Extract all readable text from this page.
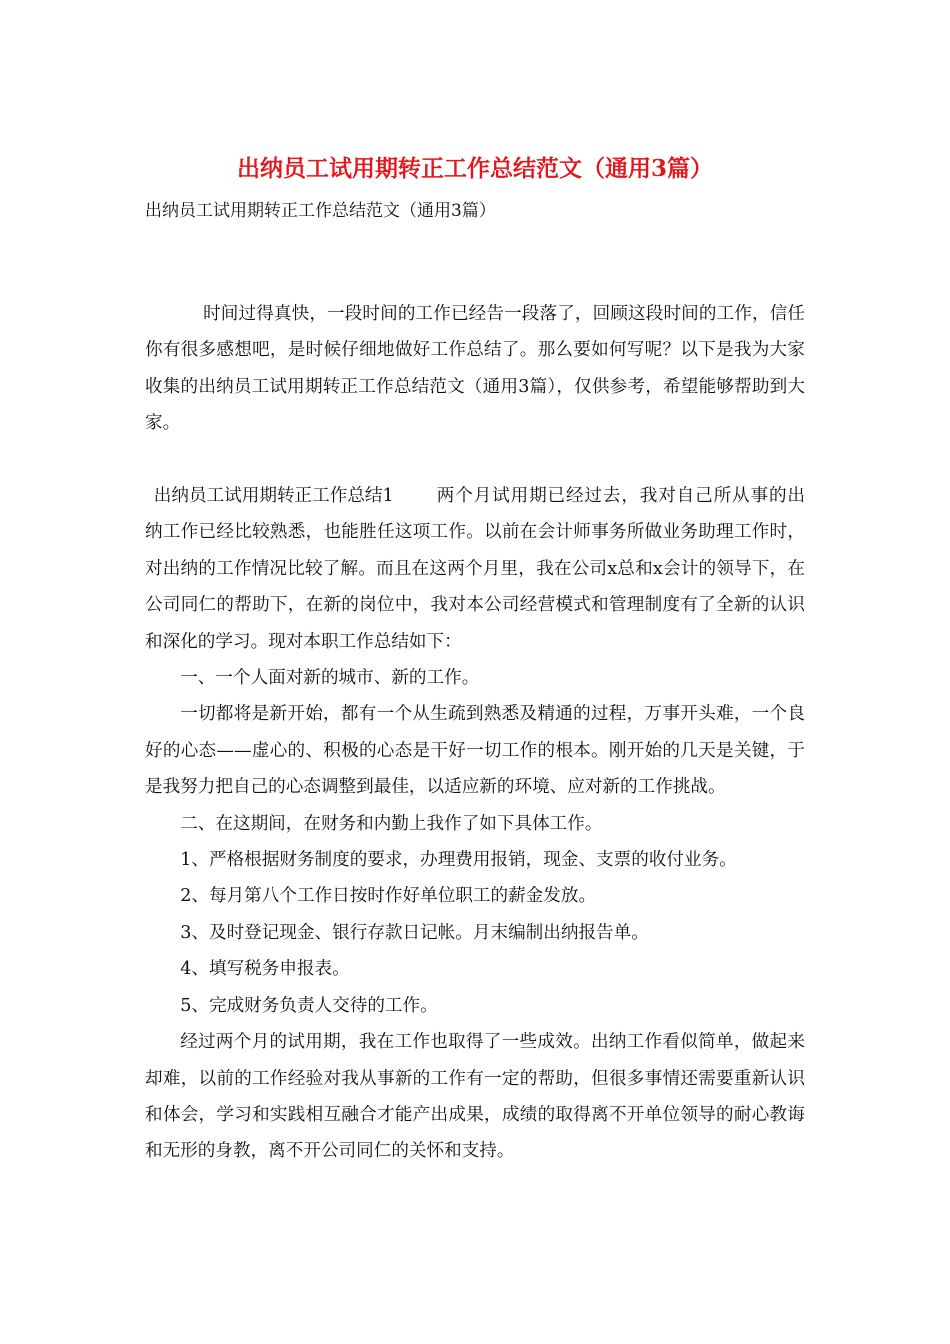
出纳员工试用期转正工作总结范文（通用3篇）
出纳员工试用期转正工作总结范文（通用3篇）

时间过得真快，一段时间的工作已经告一段落了，回顾这段时间的工作，信任你有很多感想吧，是时候仔细地做好工作总结了。那么要如何写呢？以下是我为大家收集的出纳员工试用期转正工作总结范文（通用3篇），仅供参考，希望能够帮助到大家。

出纳员工试用期转正工作总结1 两个月试用期已经过去，我对自己所从事的出纳工作已经比较熟悉，也能胜任这项工作。以前在会计师事务所做业务助理工作时，对出纳的工作情况比较了解。而且在这两个月里，我在公司x总和x会计的领导下，在公司同仁的帮助下，在新的岗位中，我对本公司经营模式和管理制度有了全新的认识和深化的学习。现对本职工作总结如下：

一、一个人面对新的城市、新的工作。

一切都将是新开始，都有一个从生疏到熟悉及精通的过程，万事开头难，一个良好的心态——虚心的、积极的心态是干好一切工作的根本。刚开始的几天是关键，于是我努力把自己的心态调整到最佳，以适应新的环境、应对新的工作挑战。

二、在这期间，在财务和内勤上我作了如下具体工作。

1、严格根据财务制度的要求，办理费用报销，现金、支票的收付业务。

2、每月第八个工作日按时作好单位职工的薪金发放。

3、及时登记现金、银行存款日记帐。月末编制出纳报告单。

4、填写税务申报表。

5、完成财务负责人交待的工作。

经过两个月的试用期，我在工作也取得了一些成效。出纳工作看似简单，做起来却难，以前的工作经验对我从事新的工作有一定的帮助，但很多事情还需要重新认识和体会，学习和实践相互融合才能产出成果，成绩的取得离不开单位领导的耐心教诲和无形的身教，离不开公司同仁的关怀和支持。
